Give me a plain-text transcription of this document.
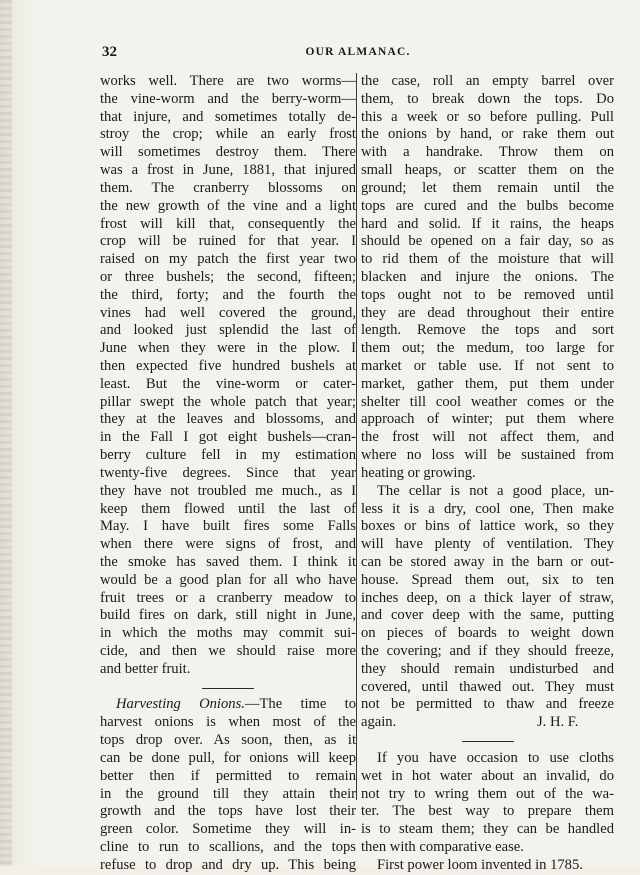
32	OUR ALMANAC.
works well. There are two worms—
the vine-worm and the berry-worm—
that injure, and sometimes totally de-
stroy the crop; while an early frost
will sometimes destroy them. There
was a frost in June, 1881, that injured
them. The cranberry blossoms on
the new growth of the vine and a light
frost will kill that, consequently the
crop will be ruined for that year. I
raised on my patch the first year two
or three bushels; the second, fifteen;
the third, forty; and the fourth the
vines had well covered the ground,
and looked just splendid the last of
June when they were in the plow. I
then expected five hundred bushels at
least. But the vine-worm or cater-
pillar swept the whole patch that year;
they at the leaves and blossoms, and
in the Fall I got eight bushels—cran-
berry culture fell in my estimation
twenty-five degrees. Since that year
they have not troubled me much., as I
keep them flowed until the last of
May. I have built fires some Falls
when there were signs of frost, and
the smoke has saved them. I think it
would be a good plan for all who have
fruit trees or a cranberry meadow to
build fires on dark, still night in June,
in which the moths may commit sui-
cide, and then we should raise more
and better fruit.
Harvesting Onions.—The time to
harvest onions is when most of the
tops drop over. As soon, then, as it
can be done pull, for onions will keep
better then if permitted to remain
in the ground till they attain their
growth and the tops have lost their
green color. Sometime they will in-
cline to run to scallions, and the tops
refuse to drop and dry up. This being
the case, roll an empty barrel over
them, to break down the tops. Do
this a week or so before pulling. Pull
the onions by hand, or rake them out
with a handrake. Throw them on
small heaps, or scatter them on the
ground; let them remain until the
tops are cured and the bulbs become
hard and solid. If it rains, the heaps
should be opened on a fair day, so as
to rid them of the moisture that will
blacken and injure the onions. The
tops ought not to be removed until
they are dead throughout their entire
length. Remove the tops and sort
them out; the medum, too large for
market or table use. If not sent to
market, gather them, put them under
shelter till cool weather comes or the
approach of winter; put them where
the frost will not affect them, and
where no loss will be sustained from
heating or growing.
The cellar is not a good place, un-
less it is a dry, cool one, Then make
boxes or bins of lattice work, so they
will have plenty of ventilation. They
can be stored away in the barn or out-
house. Spread them out, six to ten
inches deep, on a thick layer of straw,
and cover deep with the same, putting
on pieces of boards to weight down
the covering; and if they should freeze,
they should remain undisturbed and
covered, until thawed out. They must
not be permitted to thaw and freeze
again.	J. H. F.
If you have occasion to use cloths
wet in hot water about an invalid, do
not try to wring them out of the wa-
ter. The best way to prepare them
is to steam them; they can be handled
then with comparative ease.
First power loom invented in 1785.
